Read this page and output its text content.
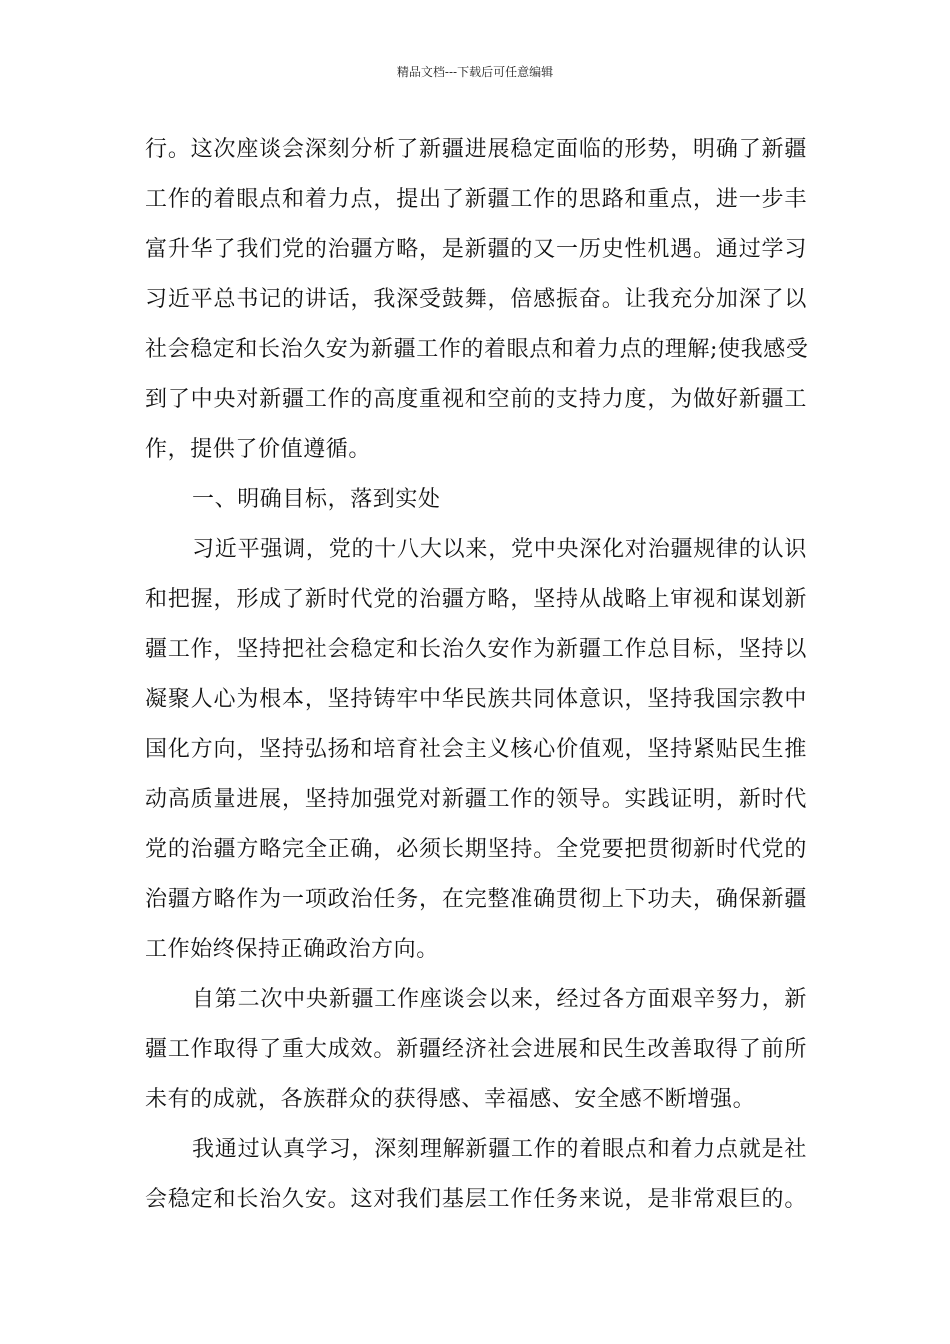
精品文档---下载后可任意编辑
行。这次座谈会深刻分析了新疆进展稳定面临的形势，明确了新疆
工作的着眼点和着力点，提出了新疆工作的思路和重点，进一步丰
富升华了我们党的治疆方略，是新疆的又一历史性机遇。通过学习
习近平总书记的讲话，我深受鼓舞，倍感振奋。让我充分加深了以
社会稳定和长治久安为新疆工作的着眼点和着力点的理解;使我感受
到了中央对新疆工作的高度重视和空前的支持力度，为做好新疆工
作，提供了价值遵循。
一、明确目标，落到实处
习近平强调，党的十八大以来，党中央深化对治疆规律的认识
和把握，形成了新时代党的治疆方略，坚持从战略上审视和谋划新
疆工作，坚持把社会稳定和长治久安作为新疆工作总目标，坚持以
凝聚人心为根本，坚持铸牢中华民族共同体意识，坚持我国宗教中
国化方向，坚持弘扬和培育社会主义核心价值观，坚持紧贴民生推
动高质量进展，坚持加强党对新疆工作的领导。实践证明，新时代
党的治疆方略完全正确，必须长期坚持。全党要把贯彻新时代党的
治疆方略作为一项政治任务，在完整准确贯彻上下功夫，确保新疆
工作始终保持正确政治方向。
自第二次中央新疆工作座谈会以来，经过各方面艰辛努力，新
疆工作取得了重大成效。新疆经济社会进展和民生改善取得了前所
未有的成就，各族群众的获得感、幸福感、安全感不断增强。
我通过认真学习，深刻理解新疆工作的着眼点和着力点就是社
会稳定和长治久安。这对我们基层工作任务来说，是非常艰巨的。
